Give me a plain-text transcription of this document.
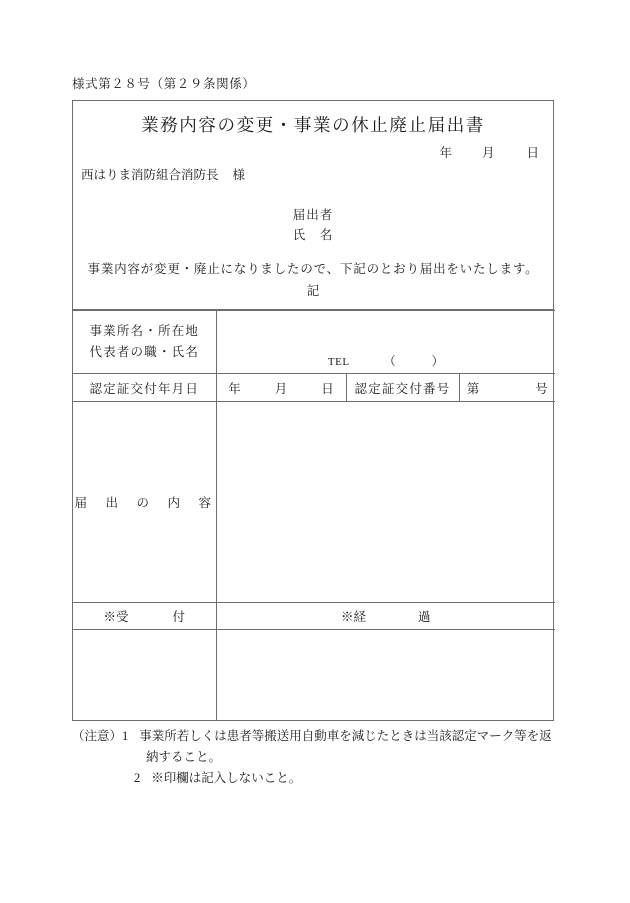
様式第２８号（第２９条関係）
業務内容の変更・事業の休止廃止届出書
年 月	日
西はりま消防組合消防長 様
届出者
氏　名
事業内容が変更・廃止になりましたので、下記のとおり届出をいたします。
記
事業所名・所在地
代表者の職・氏名	TEL （ ）		

認定証交付年月日	年 月 日	認定証交付番号	第 号
届　出　の　内　容			
※受 付	※経 過		

（注意）1 事業所若しくは患者等搬送用自動車を減じたときは当該認定マーク等を返
納すること。
2 ※印欄は記入しないこと。
